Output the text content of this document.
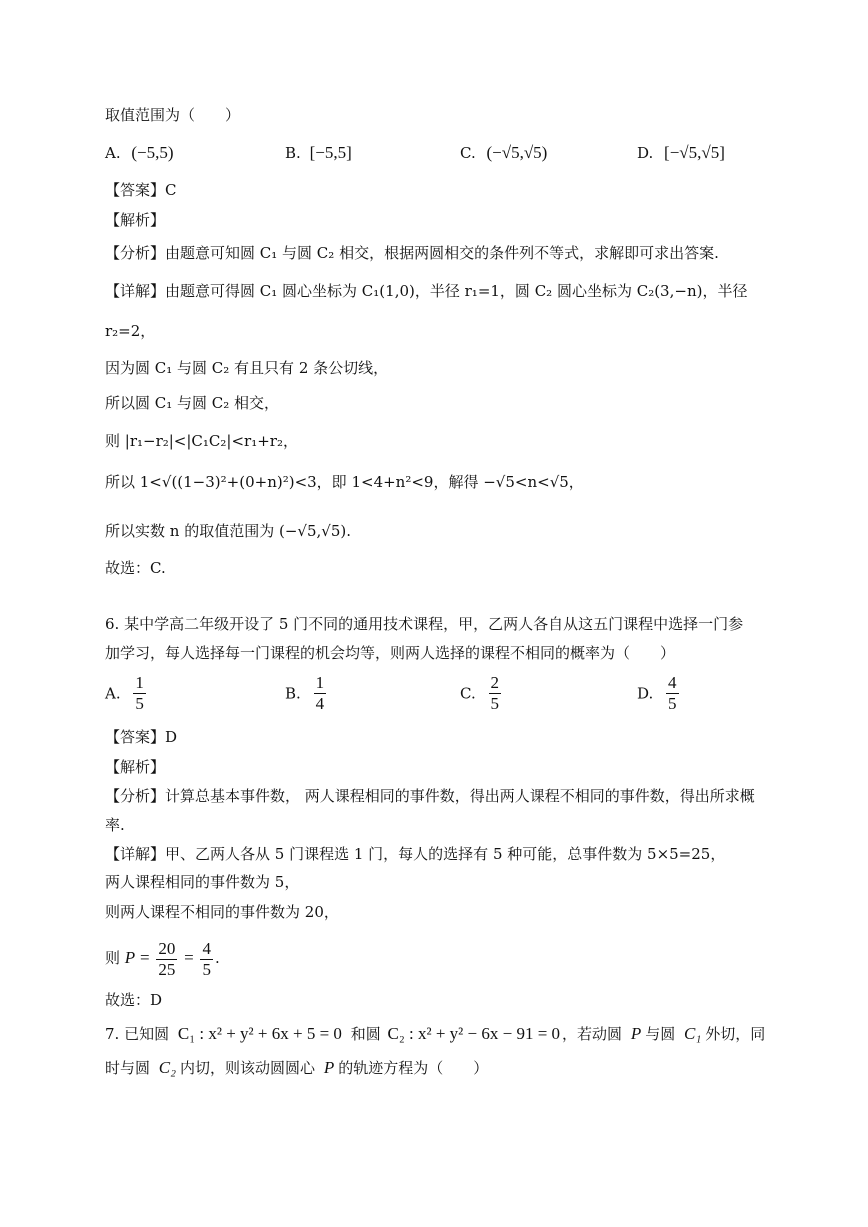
取值范围为（　　）
A. (−5,5)	B. [−5,5]	C. (−√5,√5)	D. [−√5,√5]
【答案】C
【解析】
【分析】由题意可知圆 C₁ 与圆 C₂ 相交，根据两圆相交的条件列不等式，求解即可求出答案.
【详解】由题意可得圆 C₁ 圆心坐标为 C₁(1,0)，半径 r₁=1，圆 C₂ 圆心坐标为 C₂(3,−n)，半径
r₂=2，
因为圆 C₁ 与圆 C₂ 有且只有 2 条公切线，
所以圆 C₁ 与圆 C₂ 相交，
则 |r₁−r₂|<|C₁C₂|<r₁+r₂，
所以 1<√((1−3)²+(0+n)²)<3，即 1<4+n²<9，解得 −√5<n<√5，
所以实数 n 的取值范围为 (−√5,√5).
故选：C.
6. 某中学高二年级开设了 5 门不同的通用技术课程，甲，乙两人各自从这五门课程中选择一门参
加学习，每人选择每一门课程的机会均等，则两人选择的课程不相同的概率为（　　）
A. $\frac{1}{5}$	B. $\frac{1}{4}$	C. $\frac{2}{5}$	D. $\frac{4}{5}$
【答案】D
【解析】
【分析】计算总基本事件数， 两人课程相同的事件数，得出两人课程不相同的事件数，得出所求概
率.
【详解】甲、乙两人各从 5 门课程选 1 门，每人的选择有 5 种可能，总事件数为 5×5=25，
两人课程相同的事件数为 5，
则两人课程不相同的事件数为 20，
则 $P = \frac{20}{25} = \frac{4}{5}$ .
故选：D
7. 已知圆 C₁ : x² + y² + 6x + 5 = 0 和圆 C₂ : x² + y² − 6x − 91 = 0 ，若动圆 P 与圆 C₁ 外切，同
时与圆 C₂ 内切，则该动圆圆心 P 的轨迹方程为（　　）
